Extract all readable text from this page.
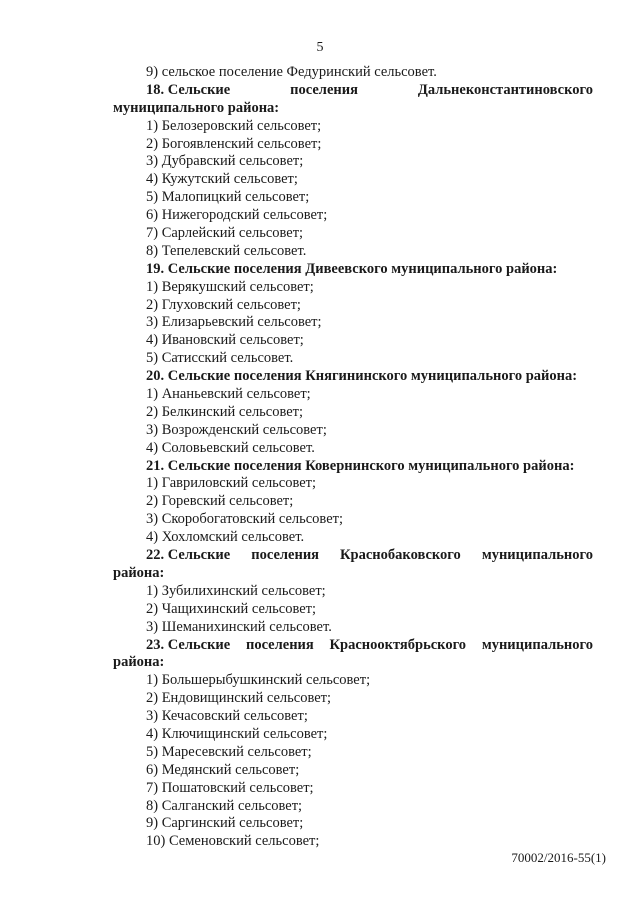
5
9) сельское поселение Федуринский сельсовет.
18. Сельские	поселения	Дальнеконстантиновского
муниципального района:
1) Белозеровский сельсовет;
2) Богоявленский сельсовет;
3) Дубравский сельсовет;
4) Кужутский сельсовет;
5) Малопицкий сельсовет;
6) Нижегородский сельсовет;
7) Сарлейский сельсовет;
8) Тепелевский сельсовет.
19. Сельские поселения Дивеевского муниципального района:
1) Верякушский сельсовет;
2) Глуховский сельсовет;
3) Елизарьевский сельсовет;
4) Ивановский сельсовет;
5) Сатисский сельсовет.
20. Сельские поселения Княгининского муниципального района:
1) Ананьевский сельсовет;
2) Белкинский сельсовет;
3) Возрожденский сельсовет;
4) Соловьевский сельсовет.
21. Сельские поселения Ковернинского муниципального района:
1) Гавриловский сельсовет;
2) Горевский сельсовет;
3) Скоробогатовский сельсовет;
4) Хохломский сельсовет.
22. Сельские поселения Краснобаковского муниципального
района:
1) Зубилихинский сельсовет;
2) Чащихинский сельсовет;
3) Шеманихинский сельсовет.
23. Сельские поселения Краснооктябрьского муниципального
района:
1) Большерыбушкинский сельсовет;
2) Ендовищинский сельсовет;
3) Кечасовский сельсовет;
4) Ключищинский сельсовет;
5) Маресевский сельсовет;
6) Медянский сельсовет;
7) Пошатовский сельсовет;
8) Салганский сельсовет;
9) Саргинский сельсовет;
10) Семеновский сельсовет;
70002/2016-55(1)
